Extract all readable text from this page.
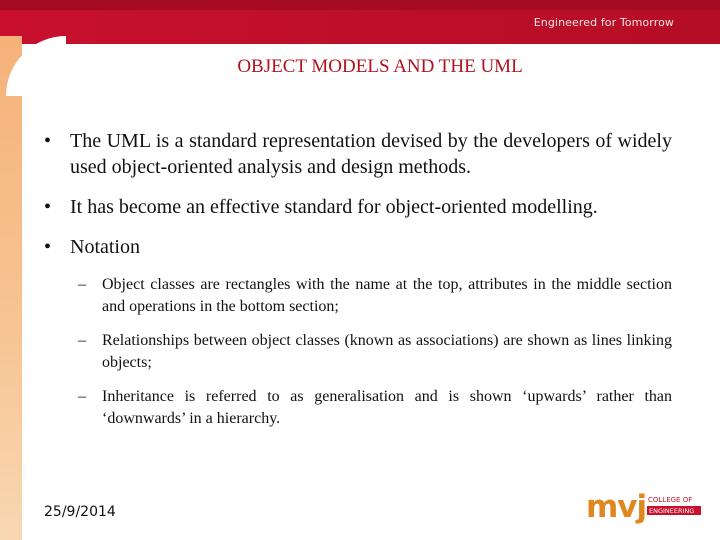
Engineered for Tomorrow
OBJECT MODELS AND THE UML
• The UML is a standard representation devised by the developers of widely used object-oriented analysis and design methods.
• It has become an effective standard for object-oriented modelling.
• Notation
– Object classes are rectangles with the name at the top, attributes in the middle section and operations in the bottom section;
– Relationships between object classes (known as associations) are shown as lines linking objects;
– Inheritance is referred to as generalisation and is shown ‘upwards’ rather than ‘downwards’ in a hierarchy.
25/9/2014	mvj COLLEGE OF
ENGINEERING
